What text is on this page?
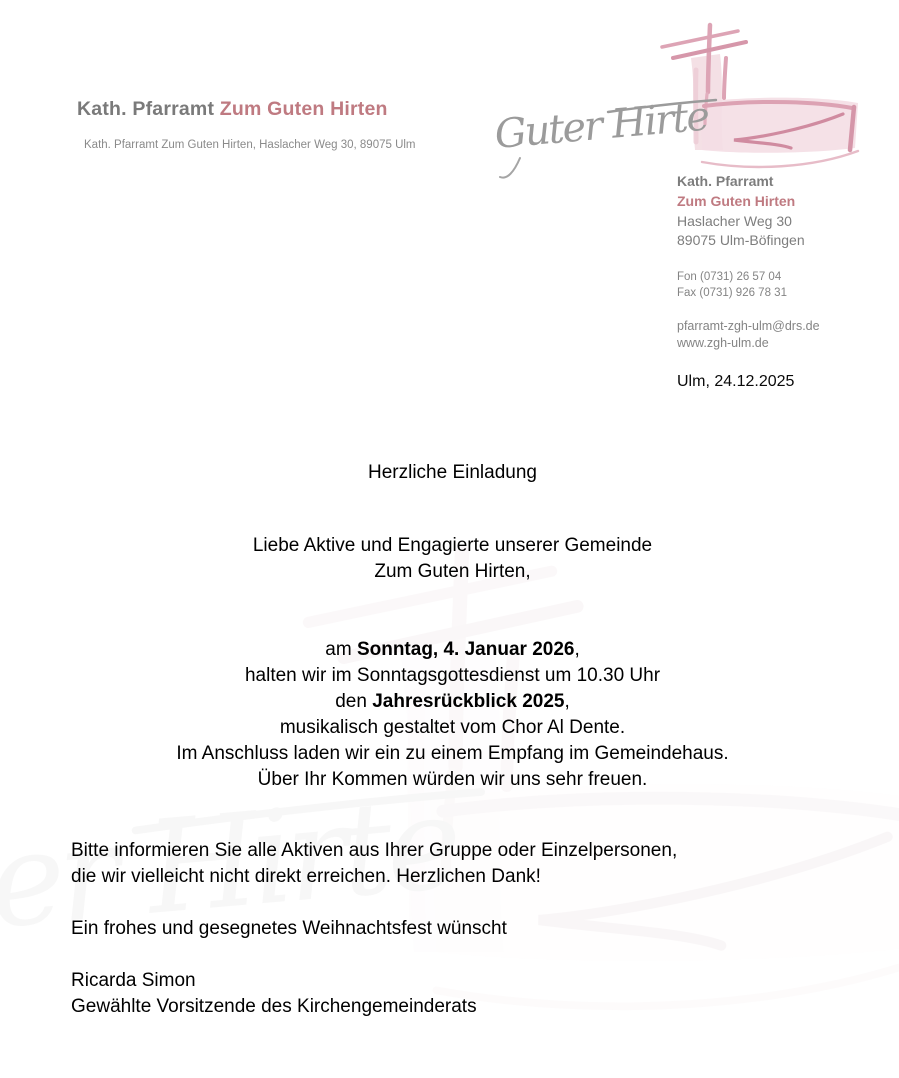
Kath. Pfarramt Zum Guten Hirten
Kath. Pfarramt Zum Guten Hirten, Haslacher Weg 30, 89075 Ulm
Kath. Pfarramt
Zum Guten Hirten
Haslacher Weg 30
89075 Ulm-Böfingen
Fon (0731) 26 57 04
Fax (0731) 926 78 31
pfarramt-zgh-ulm@drs.de
www.zgh-ulm.de
Ulm, 24.12.2025
Herzliche Einladung
Liebe Aktive und Engagierte unserer Gemeinde
Zum Guten Hirten,
am Sonntag, 4. Januar 2026,
halten wir im Sonntagsgottesdienst um 10.30 Uhr
den Jahresrückblick 2025,
musikalisch gestaltet vom Chor Al Dente.
Im Anschluss laden wir ein zu einem Empfang im Gemeindehaus.
Über Ihr Kommen würden wir uns sehr freuen.
Bitte informieren Sie alle Aktiven aus Ihrer Gruppe oder Einzelpersonen,
die wir vielleicht nicht direkt erreichen. Herzlichen Dank!
Ein frohes und gesegnetes Weihnachtsfest wünscht
Ricarda Simon
Gewählte Vorsitzende des Kirchengemeinderats
